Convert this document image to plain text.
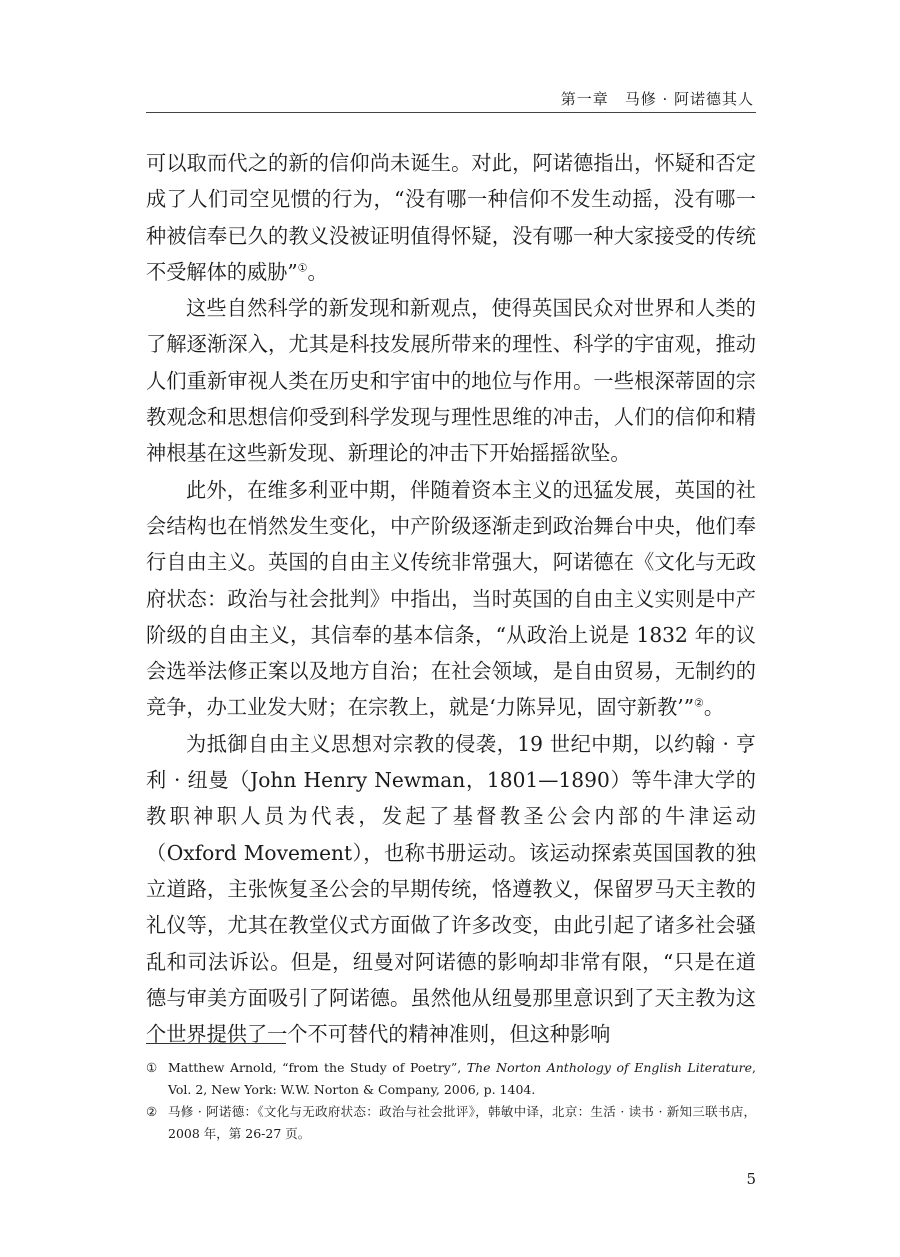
第一章　马修 · 阿诺德其人

可以取而代之的新的信仰尚未诞生。对此，阿诺德指出，怀疑和否定成了人们司空见惯的行为，“没有哪一种信仰不发生动摇，没有哪一种被信奉已久的教义没被证明值得怀疑，没有哪一种大家接受的传统不受解体的威胁”①。

这些自然科学的新发现和新观点，使得英国民众对世界和人类的了解逐渐深入，尤其是科技发展所带来的理性、科学的宇宙观，推动人们重新审视人类在历史和宇宙中的地位与作用。一些根深蒂固的宗教观念和思想信仰受到科学发现与理性思维的冲击，人们的信仰和精神根基在这些新发现、新理论的冲击下开始摇摇欲坠。

此外，在维多利亚中期，伴随着资本主义的迅猛发展，英国的社会结构也在悄然发生变化，中产阶级逐渐走到政治舞台中央，他们奉行自由主义。英国的自由主义传统非常强大，阿诺德在《文化与无政府状态：政治与社会批判》中指出，当时英国的自由主义实则是中产阶级的自由主义，其信奉的基本信条，“从政治上说是 1832 年的议会选举法修正案以及地方自治；在社会领域，是自由贸易，无制约的竞争，办工业发大财；在宗教上，就是‘力陈异见，固守新教’”②。

为抵御自由主义思想对宗教的侵袭，19 世纪中期，以约翰 · 亨利 · 纽曼（John Henry Newman，1801—1890）等牛津大学的教职神职人员为代表，发起了基督教圣公会内部的牛津运动（Oxford Movement），也称书册运动。该运动探索英国国教的独立道路，主张恢复圣公会的早期传统，恪遵教义，保留罗马天主教的礼仪等，尤其在教堂仪式方面做了许多改变，由此引起了诸多社会骚乱和司法诉讼。但是，纽曼对阿诺德的影响却非常有限，“只是在道德与审美方面吸引了阿诺德。虽然他从纽曼那里意识到了天主教为这个世界提供了一个不可替代的精神准则，但这种影响

① Matthew Arnold, “from the Study of Poetry”, The Norton Anthology of English Literature, Vol. 2, New York: W.W. Norton & Company, 2006, p. 1404.

② 马修 · 阿诺德：《文化与无政府状态：政治与社会批评》，韩敏中译，北京：生活 · 读书 · 新知三联书店，2008 年，第 26-27 页。

5
